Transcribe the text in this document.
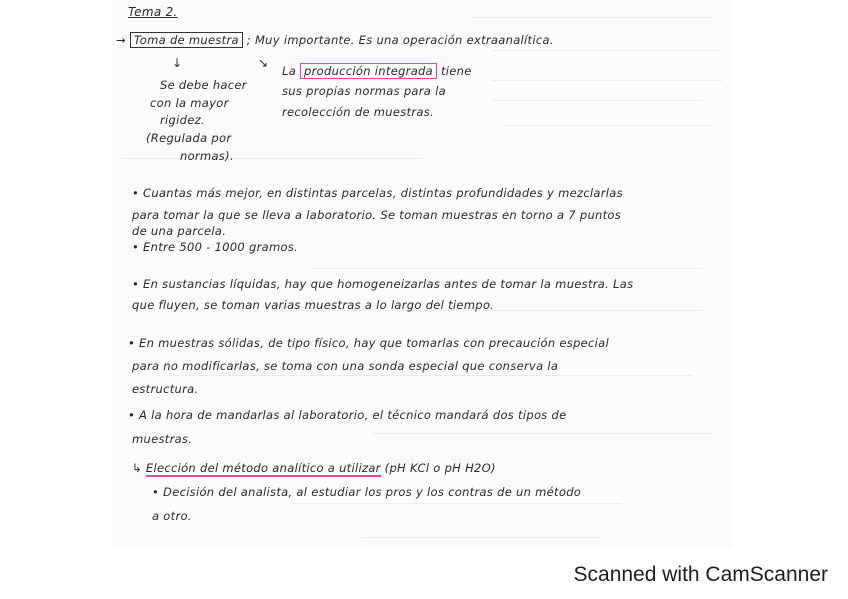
Tema 2.
→ Toma de muestra ; Muy importante. Es una operación extraanalítica.
↓	↘
Se debe hacer
con la mayor
rigidez.
(Regulada por
normas).
La producción integrada tiene
sus propias normas para la
recolección de muestras.
• Cuantas más mejor, en distintas parcelas, distintas profundidades y mezclarlas
para tomar la que se lleva a laboratorio. Se toman muestras en torno a 7 puntos
de una parcela.
• Entre 500 - 1000 gramos.
• En sustancias líquidas, hay que homogeneizarlas antes de tomar la muestra. Las
que fluyen, se toman varias muestras a lo largo del tiempo.
• En muestras sólidas, de tipo físico, hay que tomarlas con precaución especial
para no modificarlas, se toma con una sonda especial que conserva la
estructura.
• A la hora de mandarlas al laboratorio, el técnico mandará dos tipos de
muestras.
↳ Elección del método analítico a utilizar (pH KCl o pH H2O)
• Decisión del analista, al estudiar los pros y los contras de un método
a otro.
Scanned with CamScanner
